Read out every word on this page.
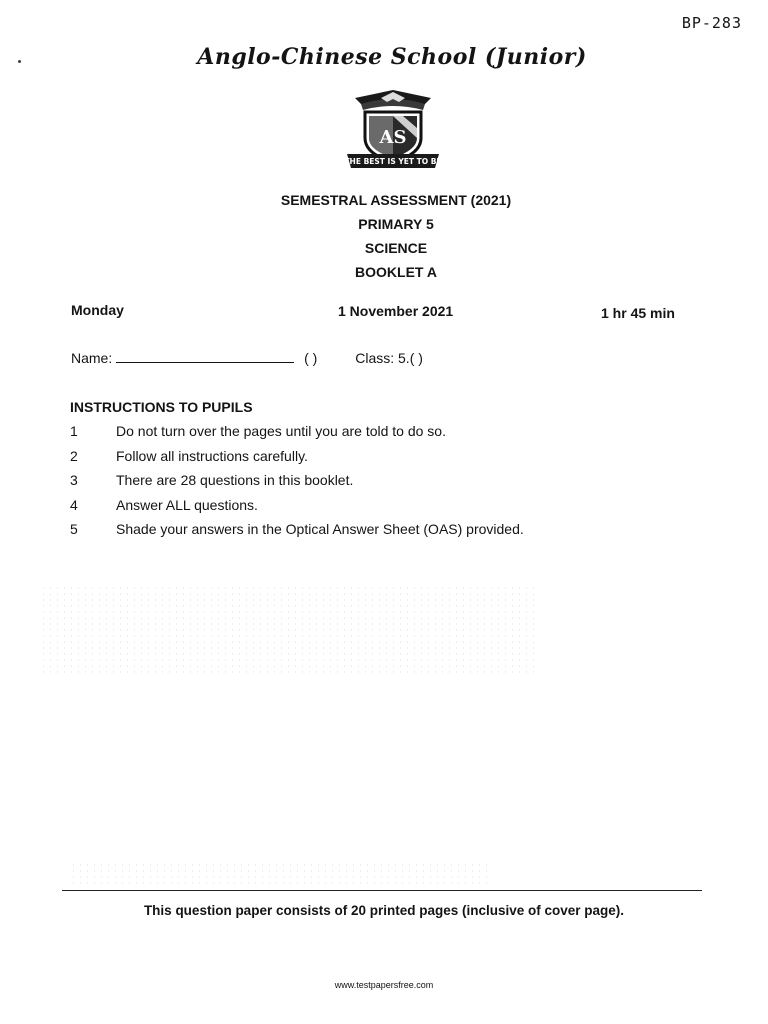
BP-283
Anglo-Chinese School (Junior)
AS
THE BEST IS YET TO BE
SEMESTRAL ASSESSMENT (2021)
PRIMARY 5
SCIENCE
BOOKLET A
Monday	1 November 2021	1 hr 45 min
Name:	( )	Class: 5.( )
INSTRUCTIONS TO PUPILS
1	Do not turn over the pages until you are told to do so.
2	Follow all instructions carefully.
3	There are 28 questions in this booklet.
4	Answer ALL questions.
5	Shade your answers in the Optical Answer Sheet (OAS) provided.
This question paper consists of 20 printed pages (inclusive of cover page).
www.testpapersfree.com
